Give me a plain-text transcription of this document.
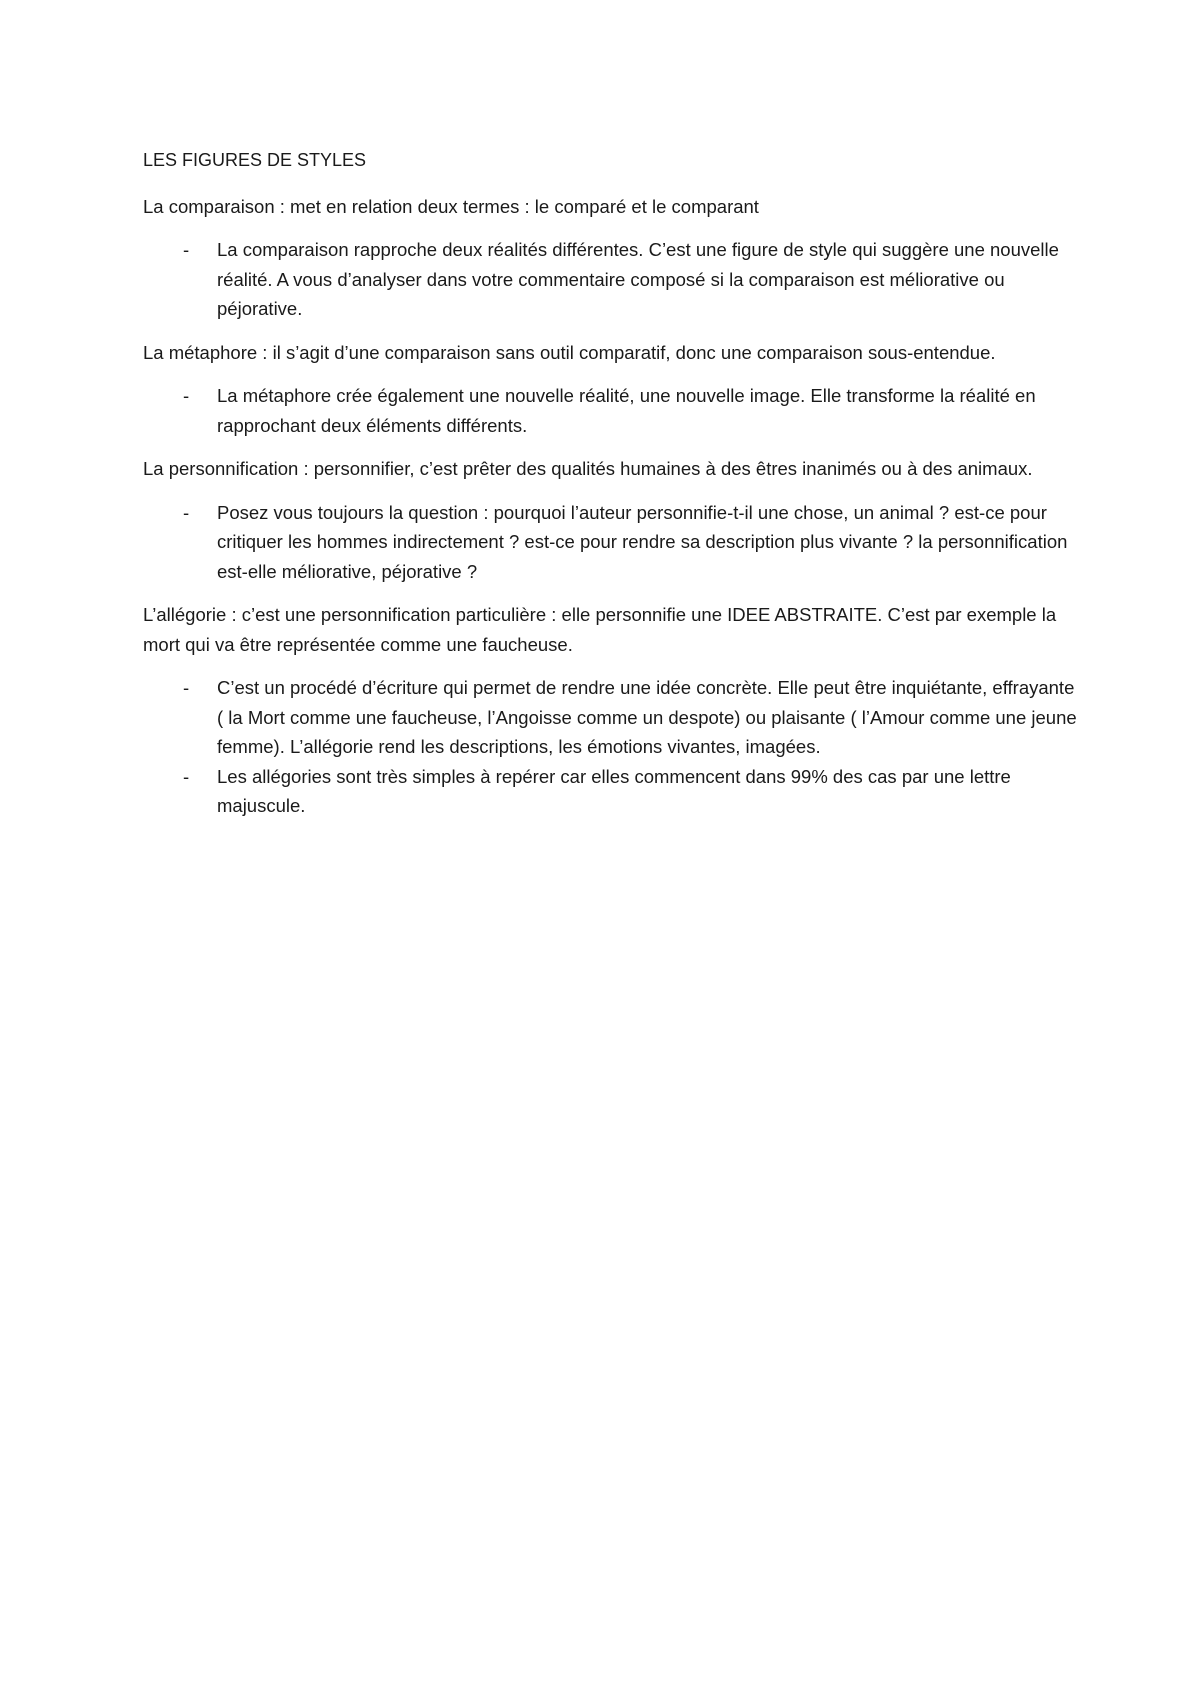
LES FIGURES DE STYLES

La comparaison : met en relation deux termes : le comparé et le comparant

- La comparaison rapproche deux réalités différentes. C’est une figure de style qui suggère une nouvelle réalité. A vous d’analyser dans votre commentaire composé si la comparaison est méliorative ou péjorative.

La métaphore : il s’agit d’une comparaison sans outil comparatif, donc une comparaison sous-entendue.

- La métaphore crée également une nouvelle réalité, une nouvelle image. Elle transforme la réalité en rapprochant deux éléments différents.

La personnification : personnifier, c’est prêter des qualités humaines à des êtres inanimés ou à des animaux.

- Posez vous toujours la question : pourquoi l’auteur personnifie-t-il une chose, un animal ? est-ce pour critiquer les hommes indirectement ? est-ce pour rendre sa description plus vivante ? la personnification est-elle méliorative, péjorative ?

L’allégorie : c’est une personnification particulière : elle personnifie une IDEE ABSTRAITE. C’est par exemple la mort qui va être représentée comme une faucheuse.

- C’est un procédé d’écriture qui permet de rendre une idée concrète. Elle peut être inquiétante, effrayante ( la Mort comme une faucheuse, l’Angoisse comme un despote) ou plaisante ( l’Amour comme une jeune femme). L’allégorie rend les descriptions, les émotions vivantes, imagées.
- Les allégories sont très simples à repérer car elles commencent dans 99% des cas par une lettre majuscule.
